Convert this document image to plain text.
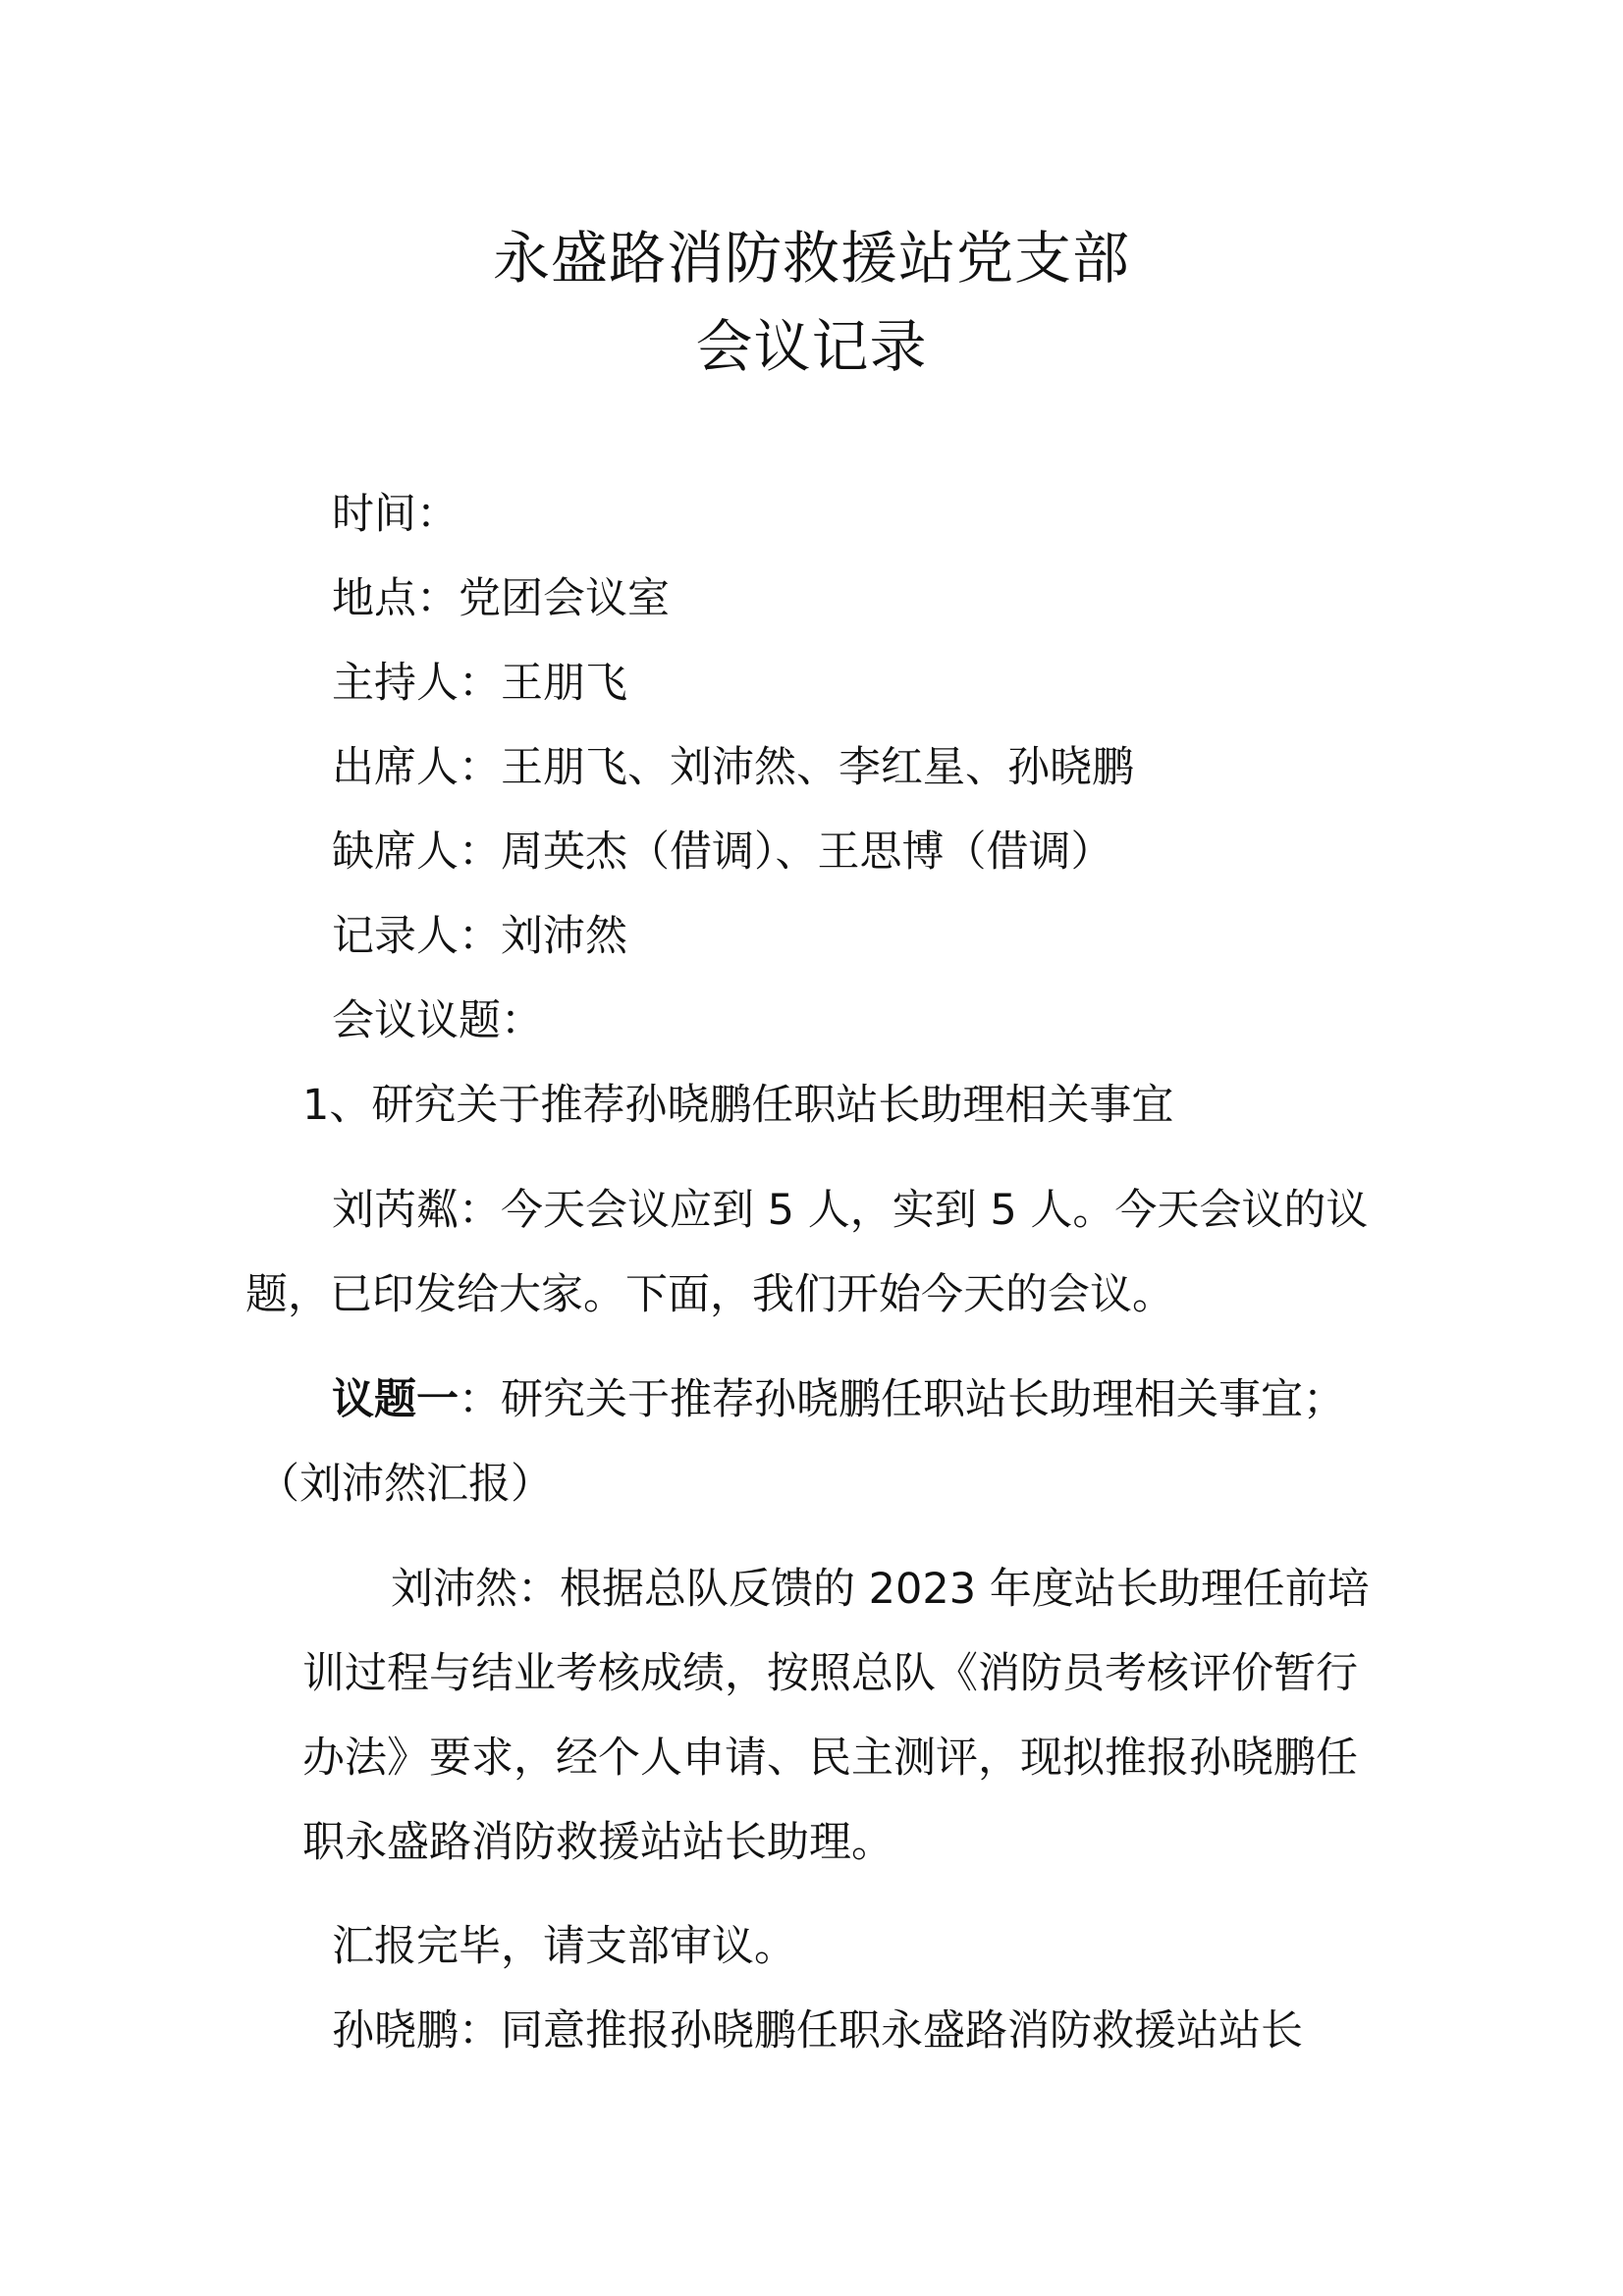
永盛路消防救援站党支部
会议记录
时间：
地点：党团会议室
主持人：王朋飞
出席人：王朋飞、刘沛然、李红星、孙晓鹏
缺席人：周英杰（借调）、王思博（借调）
记录人：刘沛然
会议议题：
1、研究关于推荐孙晓鹏任职站长助理相关事宜
刘芮粼：今天会议应到 5 人，实到 5 人。今天会议的议
题，已印发给大家。下面，我们开始今天的会议。
议题一：研究关于推荐孙晓鹏任职站长助理相关事宜；
（刘沛然汇报）
刘沛然：根据总队反馈的 2023 年度站长助理任前培
训过程与结业考核成绩，按照总队《消防员考核评价暂行
办法》要求，经个人申请、民主测评，现拟推报孙晓鹏任
职永盛路消防救援站站长助理。
汇报完毕，请支部审议。
孙晓鹏：同意推报孙晓鹏任职永盛路消防救援站站长
